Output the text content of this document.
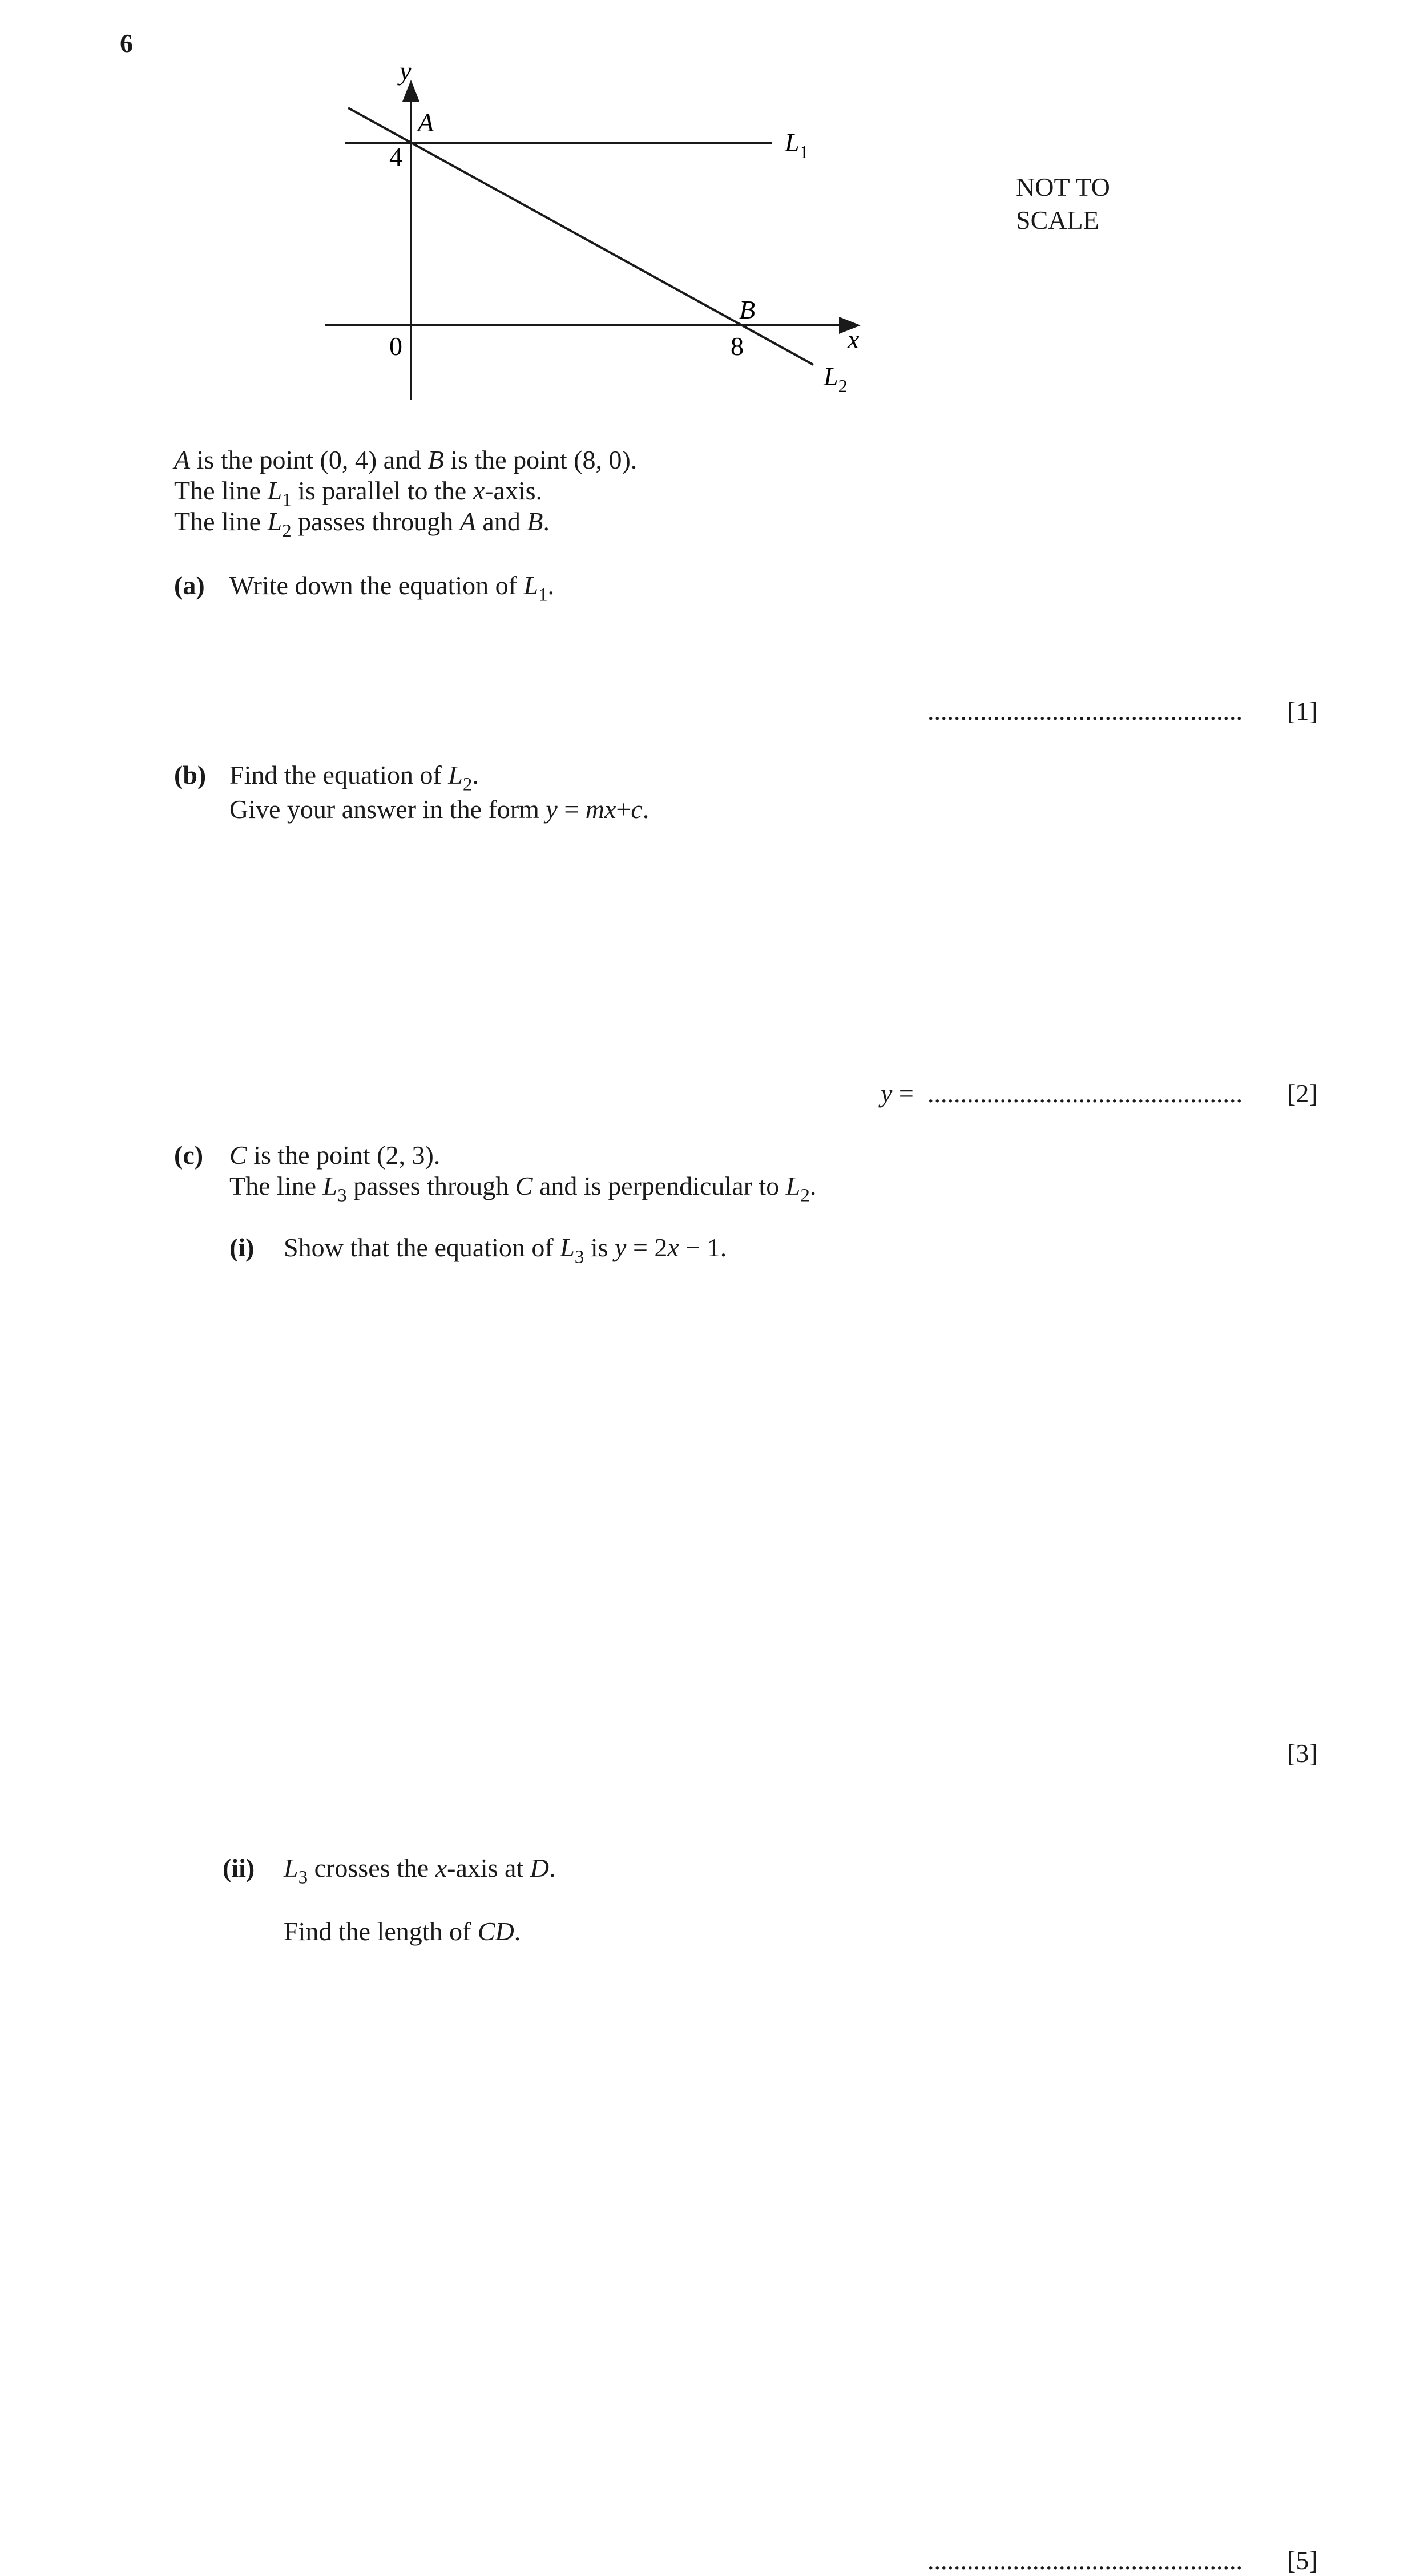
6
y
A
4
0
B
8	x
$L_1$
$L_2$
NOT TO
SCALE
A is the point (0, 4) and B is the point (8, 0).
The line $L_1$ is parallel to the x-axis.
The line $L_2$ passes through A and B.
(a) Write down the equation of $L_1$.
................................................ [1]
(b) Find the equation of $L_2$.
Give your answer in the form y = mx+c.
y = ................................................ [2]
(c) C is the point (2, 3).
The line $L_3$ passes through C and is perpendicular to $L_2$.
(i) Show that the equation of $L_3$ is y = 2x − 1.
[3]
(ii) $L_3$ crosses the x-axis at D.
Find the length of CD.
................................................ [5]
